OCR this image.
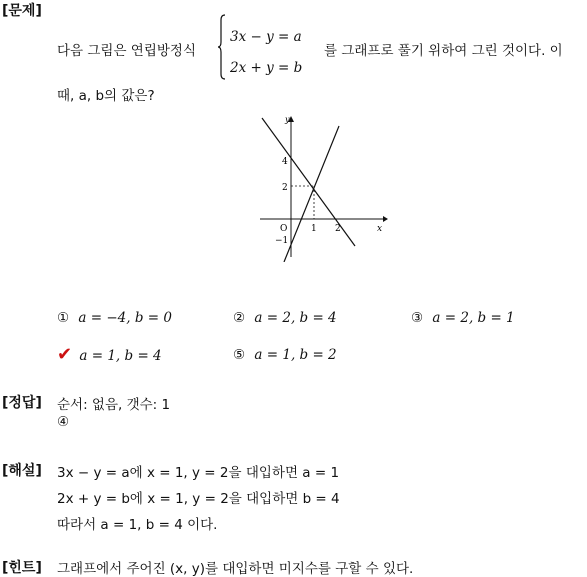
[문제]
다음 그림은 연립방정식
3x − y = a
2x + y = b
를 그래프로 풀기 위하여 그린 것이다. 이
때, a, b의 값은?
y
x
O
4
2
−1
1 2
① a = −4, b = 0	② a = 2, b = 4	③ a = 2, b = 1
✔ a = 1, b = 4	⑤ a = 1, b = 2
[정답] 순서: 없음, 갯수: 1
④
[해설] 3x − y = a에 x = 1, y = 2을 대입하면 a = 1
2x + y = b에 x = 1, y = 2을 대입하면 b = 4
따라서 a = 1, b = 4 이다.
[힌트] 그래프에서 주어진 (x, y)를 대입하면 미지수를 구할 수 있다.
